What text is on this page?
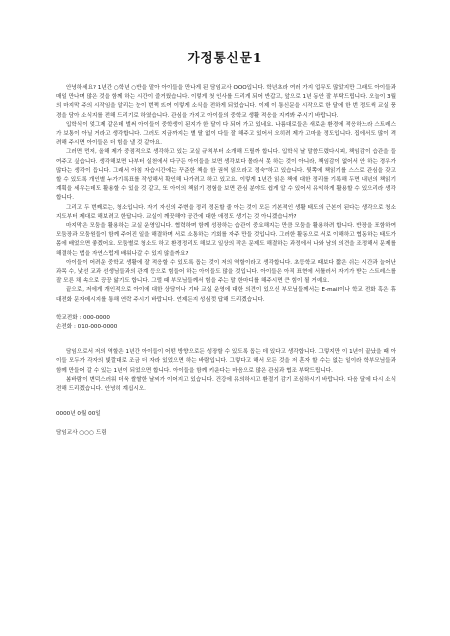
가정통신문1

안녕하세요? 1년간 ○학년 ○반을 맡아 아이들을 만나게 된 담임교사 OOO입니다. 학년초라 여러 가지 업무도 많았지만 그래도 아이들과 매일 만나며 많은 것을 함께 하는 시간이 즐거웠습니다. 이렇게 첫 인사를 드리게 되어 반갑고, 앞으로 1년 동안 잘 부탁드립니다. 오늘이 3월의 마지막 주의 시작임을 알리는 눈이 번쩍 뜨여 이렇게 소식을 전하게 되었습니다. 이제 이 통신문을 시작으로 한 달에 한 번 정도씩 교실 풍경을 담아 소식지를 전해 드리기로 하였습니다. 관심을 가지고 아이들의 중학교 생활 적응을 지켜봐 주시기 바랍니다.

입학식이 엊그제 같은데 벌써 아이들이 중학생이 된지가 한 달이 다 되어 가고 있네요. 나름대로들은 새로운 환경에 적응하느라 스트레스가 보통이 아닐 거라고 생각합니다. 그러도 지금까지는 별 탈 없이 다들 잘 해주고 있어서 오히려 제가 고마울 정도입니다. 집에서도 많이 격려해 주시면 아이들은 더 힘을 낼 것 같아요.

그러면 먼저, 올해 제가 중점적으로 생각하고 있는 교실 규칙부터 소개해 드릴까 합니다. 입학식 날 말씀드렸다시피, 책임감이 습관을 들여주고 싶습니다. 생각해보면 나부터 실천에서 다구든 아이들을 보면 생각보다 몰라서 못 하는 것이 아니라, 책임감이 없어서 안 하는 경우가 많다는 생각이 듭니다. 그래서 아침 자습시간에는 꾸준한 책을 한 권씩 읽으라고 정숙"하고 있습니다. 뒷쪽에 책읽기를 스스로 관심을 갖고 할 수 있도록 개인별 누가기록표를 작성해서 확인해 나가려고 하고 있고요. 이렇게 1년간 읽은 책에 대한 정리를 기록해 두면 내년의 책읽기 계획을 세우는데도 활용할 수 있을 것 같고, 또 아이의 책읽기 경험을 보면 관심 분야도 쉽게 알 수 있어서 유익하게 활용할 수 있으리라 생각합니다.

그리고 두 번째로는, 청소입니다. 자기 자신의 주변을 정리 정돈할 줄 아는 것이 모든 기본적인 생활 태도의 근본이 된다는 생각으로 청소지도부터 제대로 해보려고 한답니다. 교실이 깨끗해야 공간에 대한 애정도 생기는 것 아니겠습니까?

마지막은 모둠을 활용하는 교실 운영입니다. 협력하며 함께 성장하는 습관이 중요해지는 만큼 모둠을 활용하려 합니다. 반장을 포함하여 모둠장과 모둠원들이 함께 주어진 일을 해결하며 서로 소통하는 기회를 자주 만들 것입니다. 그러한 활동으로 서로 이해하고 협동하는 태도가 몸에 배었으면 좋겠어요. 모둠별로 청소도 하고 환경정리도 해보고 일상의 작은 문제도 해결하는 과정에서 나와 남의 의견을 조정해서 문제를 해결하는 법을 자연스럽게 배워나갈 수 있지 않을까요?

아이들이 어려운 중학교 생활에 잘 적응할 수 있도록 돕는 것이 저의 역할이라고 생각합니다. 초등학교 때보다 짧은 쉬는 시간과 늘어난 과목 수, 낯선 교과 선생님들과의 관계 등으로 힘들어 하는 아이들도 많을 것입니다. 아이들은 아직 표현에 서툴러서 자기가 받는 스트레스를 잘 모른 채 속으로 끙끙 앓기도 합니다. 그럴 때 부모님들께서 힘을 주는 말 한마디를 해주시면 큰 힘이 될 거예요.

끝으로, 저에게 개인적으로 아이에 대한 상담이나 기타 교실 운영에 대한 의견이 있으신 부모님들께서는 E-mail이나 학교 전화 혹은 휴대전화 문자메시지를 통해 연락 주시기 바랍니다. 언제든지 성심껏 답해 드리겠습니다.

학교전화 : 000-0000

손전화 : 010-000-0000

담임으로서 저의 역할은 1년간 아이들이 어떤 방향으로든 성장할 수 있도록 돕는 데 있다고 생각합니다. 그렇지만 이 1년이 끝났을 때 아이들 모두가 각자의 빛깔대로 조금 더 자라 있었으면 하는 바람입니다. 그렇다고 해서 모든 것을 저 혼자 할 수는 없는 일이라 학부모님들과 함께 만들어 갈 수 있는 1년이 되었으면 합니다. 아이들을 함께 키운다는 마음으로 많은 관심과 협조 부탁드립니다.

봄바람이 변덕스러워 더욱 쌀쌀한 날씨가 이어지고 있습니다. 건강에 유의하시고 환절기 감기 조심하시기 바랍니다. 다음 달에 다시 소식 전해 드리겠습니다. 안녕히 계십시오.

0000년 0월 00일

담임교사 ○○○ 드림
